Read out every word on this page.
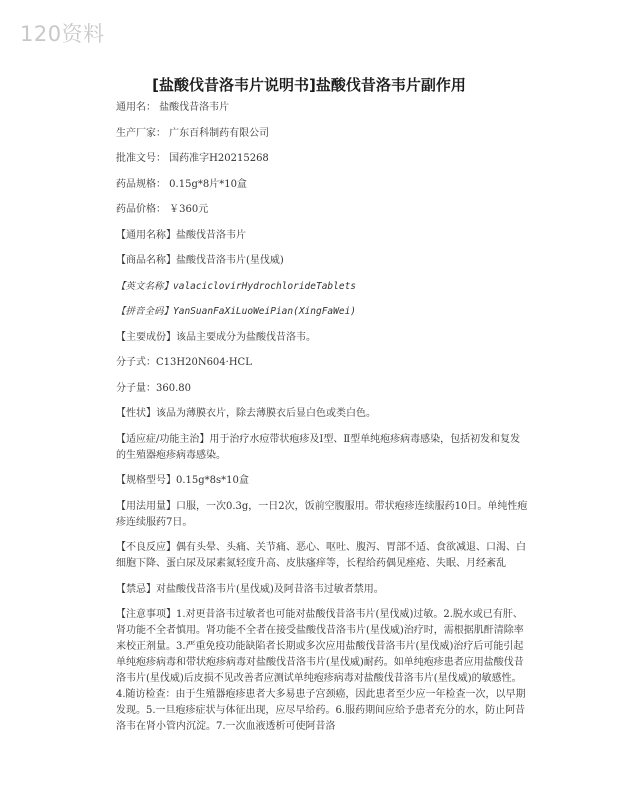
120资料
[盐酸伐昔洛韦片说明书]盐酸伐昔洛韦片副作用
通用名： 盐酸伐昔洛韦片
生产厂家： 广东百科制药有限公司
批准文号： 国药准字H20215268
药品规格： 0.15g*8片*10盒
药品价格： ￥360元
【通用名称】盐酸伐昔洛韦片
【商品名称】盐酸伐昔洛韦片(星伐威)
【英文名称】valaciclovirHydrochlorideTablets
【拼音全码】YanSuanFaXiLuoWeiPian(XingFaWei)
【主要成份】该品主要成分为盐酸伐昔洛韦。
分子式：C13H20N604·HCL
分子量：360.80
【性状】该品为薄膜衣片，除去薄膜衣后显白色或类白色。
【适应症/功能主治】用于治疗水痘带状疱疹及Ⅰ型、Ⅱ型单纯疱疹病毒感染，包括初发和复发的生殖器疱疹病毒感染。
【规格型号】0.15g*8s*10盒
【用法用量】口服，一次0.3g，一日2次，饭前空腹服用。带状疱疹连续服药10日。单纯性疱疹连续服药7日。
【不良反应】偶有头晕、头痛、关节痛、恶心、呕吐、腹泻、胃部不适、食欲减退、口渴、白细胞下降、蛋白尿及尿素氮轻度升高、皮肤瘙痒等，长程给药偶见痤疮、失眠、月经紊乱
【禁忌】对盐酸伐昔洛韦片(星伐威)及阿昔洛韦过敏者禁用。
【注意事项】1.对更昔洛韦过敏者也可能对盐酸伐昔洛韦片(星伐威)过敏。2.脱水或已有肝、肾功能不全者慎用。肾功能不全者在接受盐酸伐昔洛韦片(星伐威)治疗时，需根据肌酐清除率来校正剂量。3.严重免疫功能缺陷者长期或多次应用盐酸伐昔洛韦片(星伐威)治疗后可能引起单纯疱疹病毒和带状疱疹病毒对盐酸伐昔洛韦片(星伐威)耐药。如单纯疱疹患者应用盐酸伐昔洛韦片(星伐威)后皮损不见改善者应测试单纯疱疹病毒对盐酸伐昔洛韦片(星伐威)的敏感性。4.随访检查：由于生殖器疱疹患者大多易患子宫颈癌，因此患者至少应一年检查一次，以早期发现。5.一旦疱疹症状与体征出现，应尽早给药。6.服药期间应给予患者充分的水，防止阿昔洛韦在肾小管内沉淀。7.一次血液透析可使阿昔洛
